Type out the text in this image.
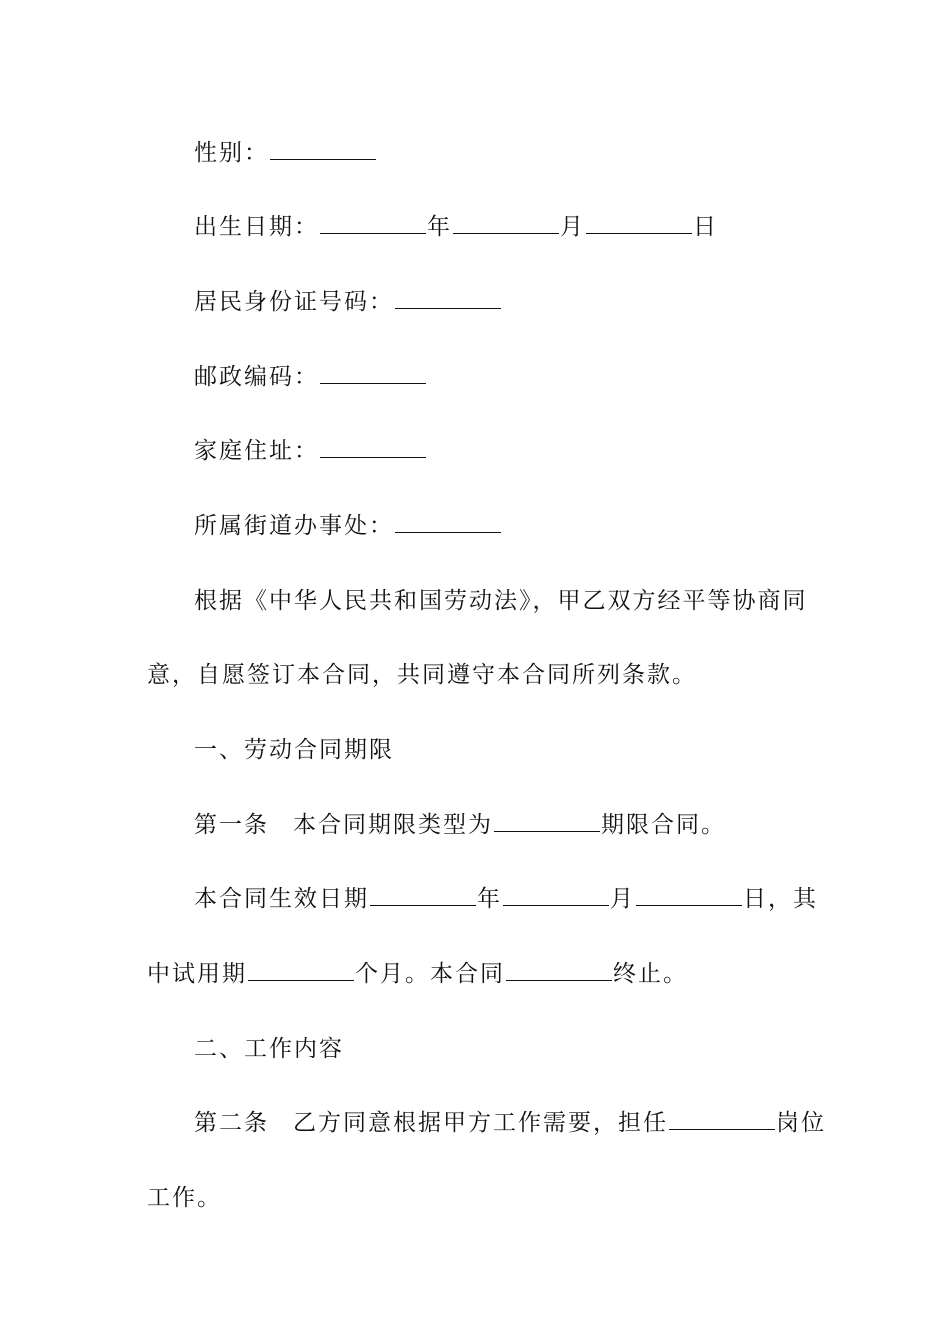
性别：
出生日期：	年	月	日
居民身份证号码：
邮政编码：
家庭住址：
所属街道办事处：
根据《中华人民共和国劳动法》，甲乙双方经平等协商同
意，自愿签订本合同，共同遵守本合同所列条款。
一、劳动合同期限
第一条 本合同期限类型为	期限合同。
本合同生效日期	年	月	日，其
中试用期	个月。本合同	终止。
二、工作内容
第二条 乙方同意根据甲方工作需要，担任	岗位
工作。
